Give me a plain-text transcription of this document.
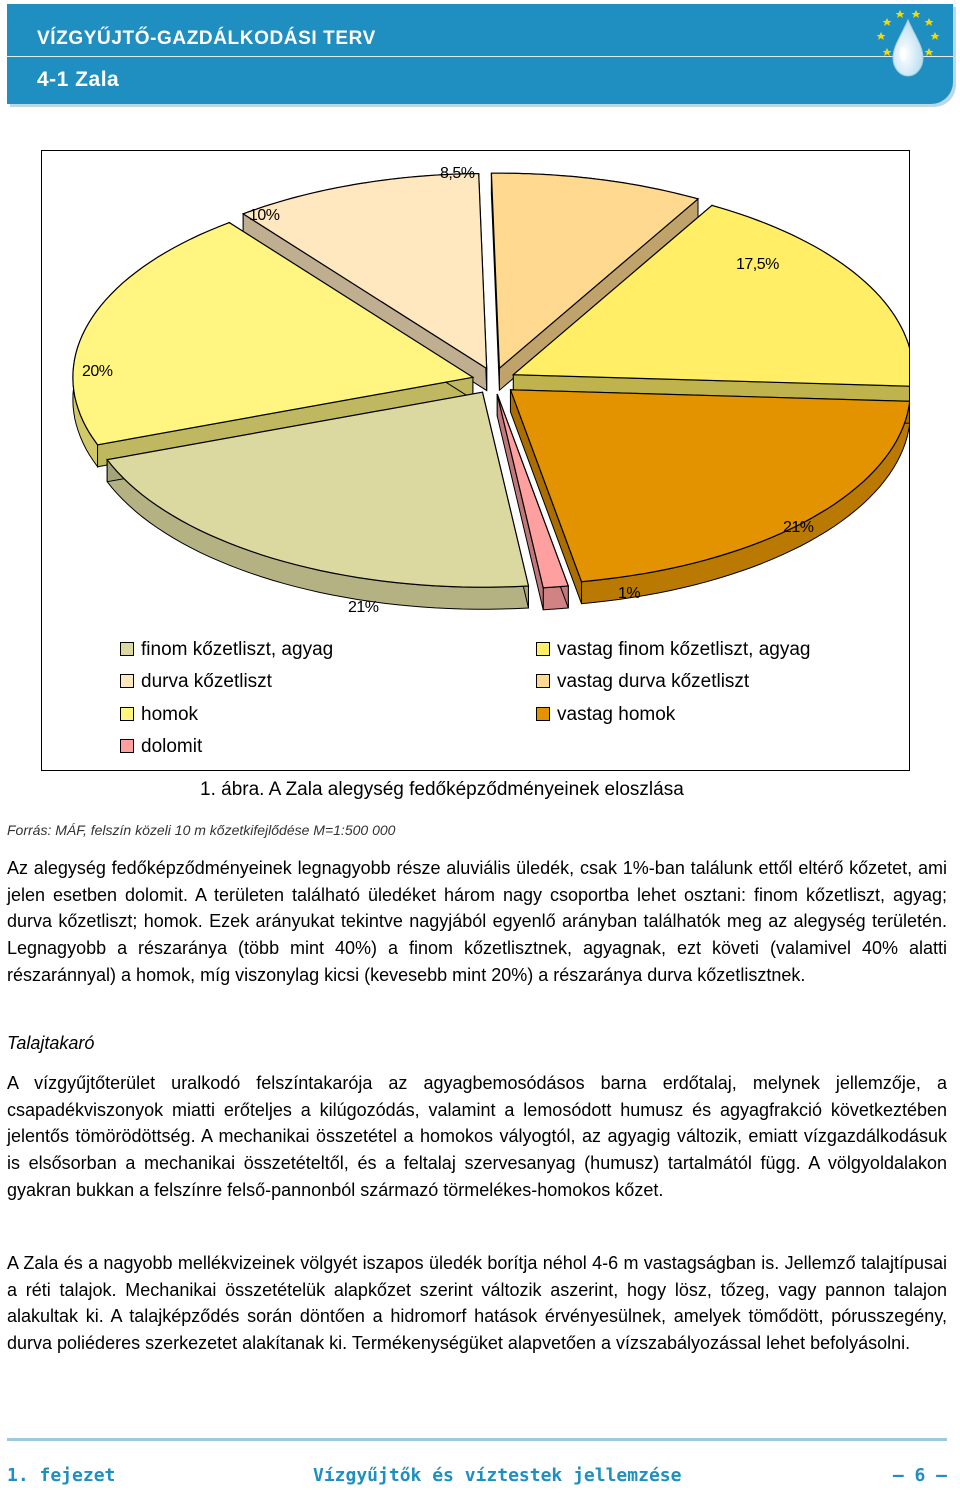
VÍZGYŰJTŐ-GAZDÁLKODÁSI TERV
4-1 Zala
8,5%
17,5%
21%
1%
21%
20%
10%
finom kőzetliszt, agyag
durva kőzetliszt
homok
dolomit
vastag finom kőzetliszt, agyag
vastag durva kőzetliszt
vastag homok
1. ábra. A Zala alegység fedőképződményeinek eloszlása
Forrás: MÁF, felszín közeli 10 m kőzetkifejlődése M=1:500 000

Az alegység fedőképződményeinek legnagyobb része aluviális üledék, csak 1%-ban találunk ettől eltérő kőzetet, ami jelen esetben dolomit. A területen található üledéket három nagy csoportba lehet osztani: finom kőzetliszt, agyag; durva kőzetliszt; homok. Ezek arányukat tekintve nagyjából egyenlő arányban találhatók meg az alegység területén. Legnagyobb a részaránya (több mint 40%) a finom kőzetlisztnek, agyagnak, ezt követi (valamivel 40% alatti részaránnyal) a homok, míg viszonylag kicsi (kevesebb mint 20%) a részaránya durva kőzetlisztnek.

Talajtakaró

A vízgyűjtőterület uralkodó felszíntakarója az agyagbemosódásos barna erdőtalaj, melynek jellemzője, a csapadékviszonyok miatti erőteljes a kilúgozódás, valamint a lemosódott humusz és agyagfrakció következtében jelentős tömörödöttség. A mechanikai összetétel a homokos vályogtól, az agyagig változik, emiatt vízgazdálkodásuk is elsősorban a mechanikai összetételtől, és a feltalaj szervesanyag (humusz) tartalmától függ. A völgyoldalakon gyakran bukkan a felszínre felső-pannonból származó törmelékes-homokos kőzet.

A Zala és a nagyobb mellékvizeinek völgyét iszapos üledék borítja néhol 4-6 m vastagságban is. Jellemző talajtípusai a réti talajok. Mechanikai összetételük alapkőzet szerint változik aszerint, hogy lösz, tőzeg, vagy pannon talajon alakultak ki. A talajképződés során döntően a hidromorf hatások érvényesülnek, amelyek tömődött, pórusszegény, durva poliéderes szerkezetet alakítanak ki. Termékenységüket alapvetően a vízszabályozással lehet befolyásolni.

1. fejezet	Vízgyűjtők és víztestek jellemzése	— 6 —
